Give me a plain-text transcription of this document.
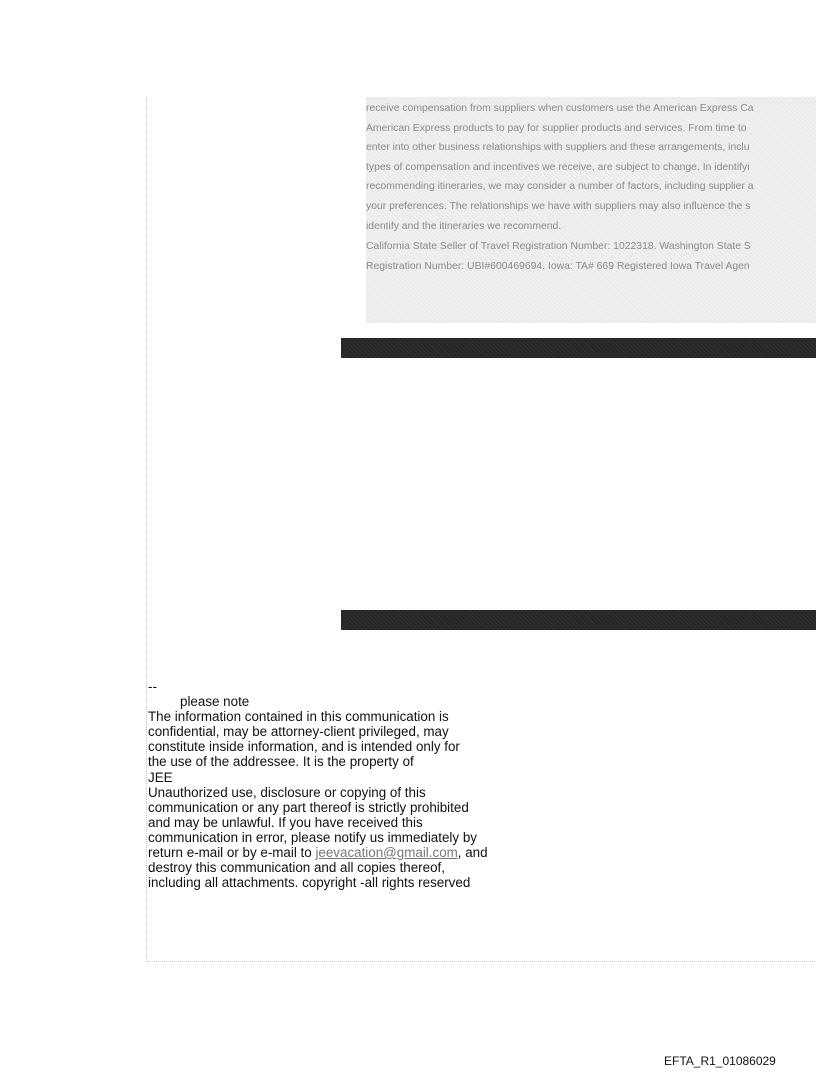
receive compensation from suppliers when customers use the American Express Ca
American Express products to pay for supplier products and services. From time to
enter into other business relationships with suppliers and these arrangements, inclu
types of compensation and incentives we receive, are subject to change. In identifyi
recommending itineraries, we may consider a number of factors, including supplier a
your preferences. The relationships we have with suppliers may also influence the s
identify and the itineraries we recommend.
California State Seller of Travel Registration Number: 1022318. Washington State S
Registration Number: UBI#600469694. Iowa: TA# 669 Registered Iowa Travel Agen
--
please note
The information contained in this communication is
confidential, may be attorney-client privileged, may
constitute inside information, and is intended only for
the use of the addressee. It is the property of
JEE
Unauthorized use, disclosure or copying of this
communication or any part thereof is strictly prohibited
and may be unlawful. If you have received this
communication in error, please notify us immediately by
return e-mail or by e-mail to jeevacation@gmail.com, and
destroy this communication and all copies thereof,
including all attachments. copyright -all rights reserved
EFTA_R1_01086029
